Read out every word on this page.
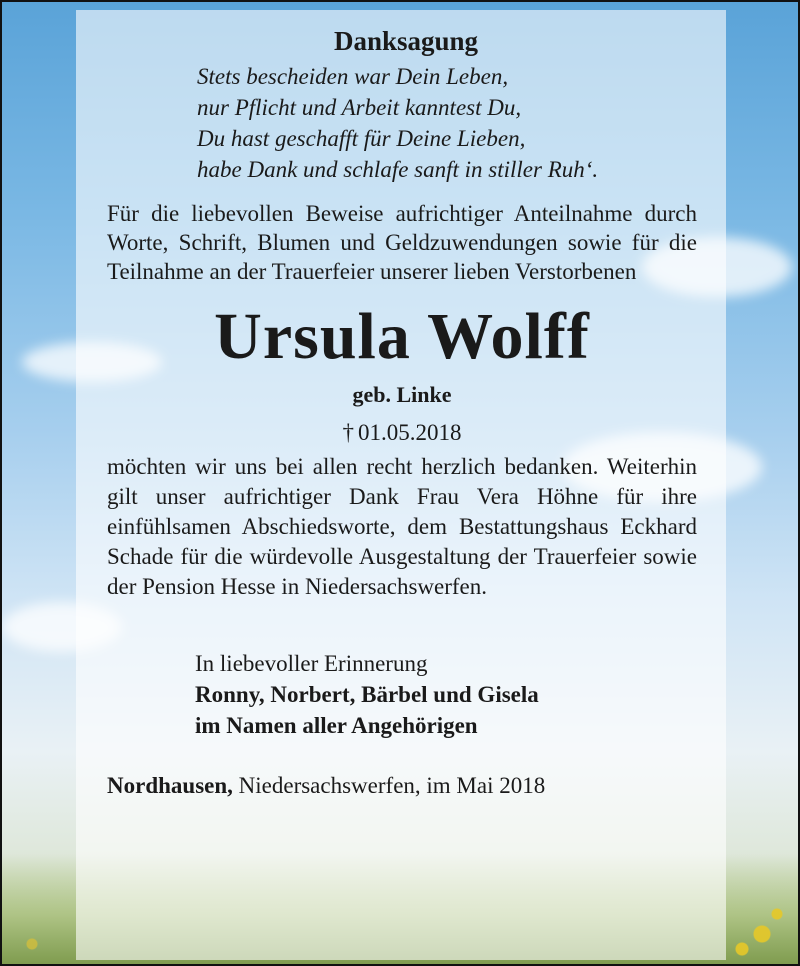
Danksagung
Stets bescheiden war Dein Leben,
nur Pflicht und Arbeit kanntest Du,
Du hast geschafft für Deine Lieben,
habe Dank und schlafe sanft in stiller Ruh‘.

Für die liebevollen Beweise aufrichtiger Anteilnahme durch Worte, Schrift, Blumen und Geldzuwendungen sowie für die Teilnahme an der Trauerfeier unserer lieben Verstorbenen

Ursula Wolff
geb. Linke
† 01.05.2018

möchten wir uns bei allen recht herzlich bedanken. Weiterhin gilt unser aufrichtiger Dank Frau Vera Höhne für ihre einfühlsamen Abschiedsworte, dem Bestattungshaus Eckhard Schade für die würdevolle Ausgestaltung der Trauerfeier sowie der Pension Hesse in Niedersachswerfen.

In liebevoller Erinnerung
Ronny, Norbert, Bärbel und Gisela
im Namen aller Angehörigen
Nordhausen, Niedersachswerfen, im Mai 2018
